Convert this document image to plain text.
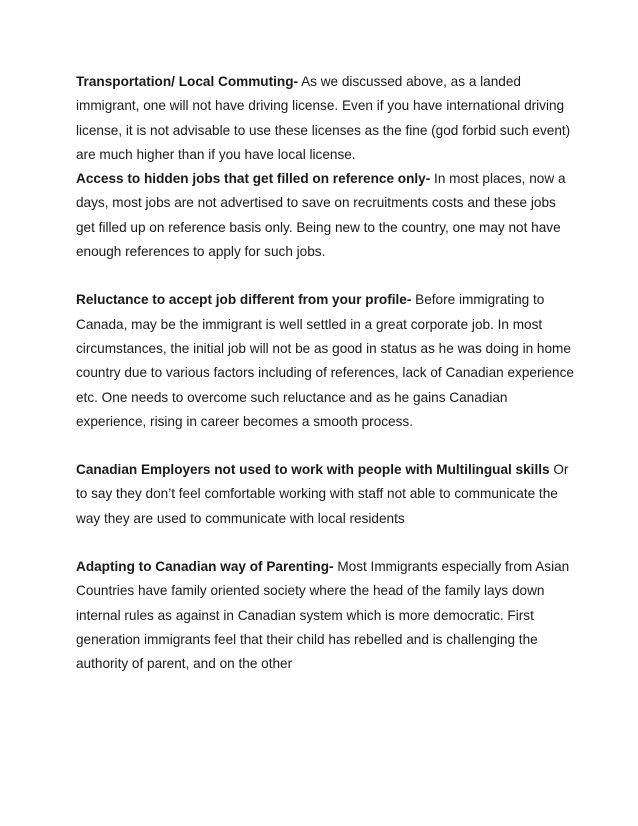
Transportation/ Local Commuting- As we discussed above, as a landed immigrant, one will not have driving license. Even if you have international driving license, it is not advisable to use these licenses as the fine (god forbid such event) are much higher than if you have local license.

Access to hidden jobs that get filled on reference only- In most places, now a days, most jobs are not advertised to save on recruitments costs and these jobs get filled up on reference basis only. Being new to the country, one may not have enough references to apply for such jobs.

Reluctance to accept job different from your profile- Before immigrating to Canada, may be the immigrant is well settled in a great corporate job. In most circumstances, the initial job will not be as good in status as he was doing in home country due to various factors including of references, lack of Canadian experience etc. One needs to overcome such reluctance and as he gains Canadian experience, rising in career becomes a smooth process.

Canadian Employers not used to work with people with Multilingual skills Or to say they don’t feel comfortable working with staff not able to communicate the way they are used to communicate with local residents

Adapting to Canadian way of Parenting- Most Immigrants especially from Asian Countries have family oriented society where the head of the family lays down internal rules as against in Canadian system which is more democratic. First generation immigrants feel that their child has rebelled and is challenging the authority of parent, and on the other
